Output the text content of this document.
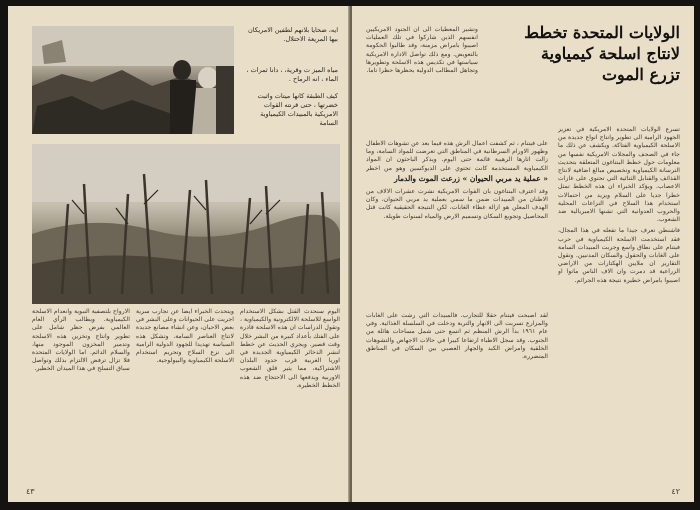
ايه، ضحايا بلانهم لطفين الامريكان بيها المريعة الاحتلال.
مياه الميز ت وقرية، ، دانا ثمرات ، الماء ، انه الرماح .
كيف الطبقة كانها ميتات واثبت خضرتها ، حتى قرنته القوات الامريكية بالمبيدات الكيمياوية السامة

اليوم سنحدث القتل بشكل الاستخدام الواسع للاسلحة الالكترونية والكيمياوية ، وتقول الدراسات ان هذه الاسلحة قادرة على الفتك بأعداد كبيرة من البشر خلال وقت قصير. ويجري الحديث عن خطط لنشر الذخائر الكيمياوية الجديدة في اوربا الغربية قرب حدود البلدان الاشتراكية، مما يثير قلق الشعوب الاوربية ويدفعها الى الاحتجاج ضد هذه الخطط الخطيرة.

ويتحدث الخبراء ايضا عن تجارب سرية اجريت على الحيوانات وعلى البشر في بعض الاحيان، وعن انشاء مصانع جديدة لانتاج العناصر السامة. وتشكل هذه السياسة تهديدا للجهود الدولية الرامية الى نزع السلاح وتحريم استخدام الاسلحة الكيمياوية والبيولوجية.

الارواح بلتصفية النبوية وانعدام الاسلحة الكيمياوية. ويطالب الرأي العام العالمي بفرض حظر شامل على تطوير وانتاج وتخزين هذه الاسلحة وتدمير المخزون الموجود منها، والسلام الدائم. اما الولايات المتحدة فلا تزال ترفض الالتزام بذلك وتواصل سباق التسلح في هذا الميدان الخطير.

٤٣
الولايات المتحدة تخطط
لانتاج اسلحة كيمياوية
تزرع الموت

وتشير المعطيات الى ان الجنود الامريكيين انفسهم الذين شاركوا في تلك العمليات اصيبوا بامراض مزمنة، وقد طالبوا الحكومة بالتعويض. ومع ذلك تواصل الادارة الامريكية سياستها في تكديس هذه الاسلحة وتطويرها وتجاهل المطالب الدولية بحظرها حظرا تاما.

تسرع الولايات المتحدة الامريكية في تعزيز الجهود الرامية الى تطوير وانتاج انواع جديدة من الاسلحة الكيمياوية الفتاكة. ويكشف عن ذلك ما جاء في الصحف والمجلات الامريكية نفسها من معلومات حول خطط البنتاغون المتعلقة بتحديث الترسانة الكيمياوية وتخصيص مبالغ اضافية لانتاج القذائف والقنابل الثنائية التي تحتوي على غازات الاعصاب. ويؤكد الخبراء ان هذه الخطط تمثل خطرا جديا على السلام ويزيد من احتمالات استخدام هذا السلاح في النزاعات المحلية والحروب العدوانية التي تشنها الامبريالية ضد الشعوب.

فاشنطن تعرف جيدا ما تفعله في هذا المجال، فقد استخدمت الاسلحة الكيمياوية في حرب فيتنام على نطاق واسع وجربت المبيدات السامة على الغابات والحقول والسكان المدنيين. وتقول التقارير ان ملايين الهكتارات من الاراضي الزراعية قد دمرت وان الاف الناس ماتوا او اصيبوا بامراض خطيرة نتيجة هذه الجرائم.

على فيتنام ، ثم كشفت اعمال الرش هذه فيما بعد عن تشوهات الاطفال وظهور الاورام السرطانية في المناطق التي تعرضت للمواد السامة، وما زالت اثارها الرهيبة قائمة حتى اليوم. ويذكر الباحثون ان المواد الكيمياوية المستخدمة كانت تحتوي على الديوكسين وهو من اخطر

« عملية يد مربي الحيوان » زرعت الموت والدمار

وقد اعترف البنتاغون بان القوات الامريكية نشرت عشرات الالاف من الاطنان من المبيدات ضمن ما سمي بعملية يد مربي الحيوان، وكان الهدف المعلن هو ازالة غطاء الغابات، لكن النتيجة الحقيقية كانت قتل المحاصيل وتجويع السكان وتسميم الارض والمياه لسنوات طويلة.

لقد اصبحت فيتنام حقلا للتجارب. فالمبيدات التي رشت على الغابات والمزارع تسربت الى الانهار والتربة ودخلت في السلسلة الغذائية. وفي عام ١٩٦١ بدأ الرش المنظم ثم اتسع حتى شمل مساحات هائلة من الجنوب. وقد سجل الاطباء ارتفاعا كبيرا في حالات الاجهاض والتشوهات الخلقية وامراض الكبد والجهاز العصبي بين السكان في المناطق المتضررة.

٤٢
